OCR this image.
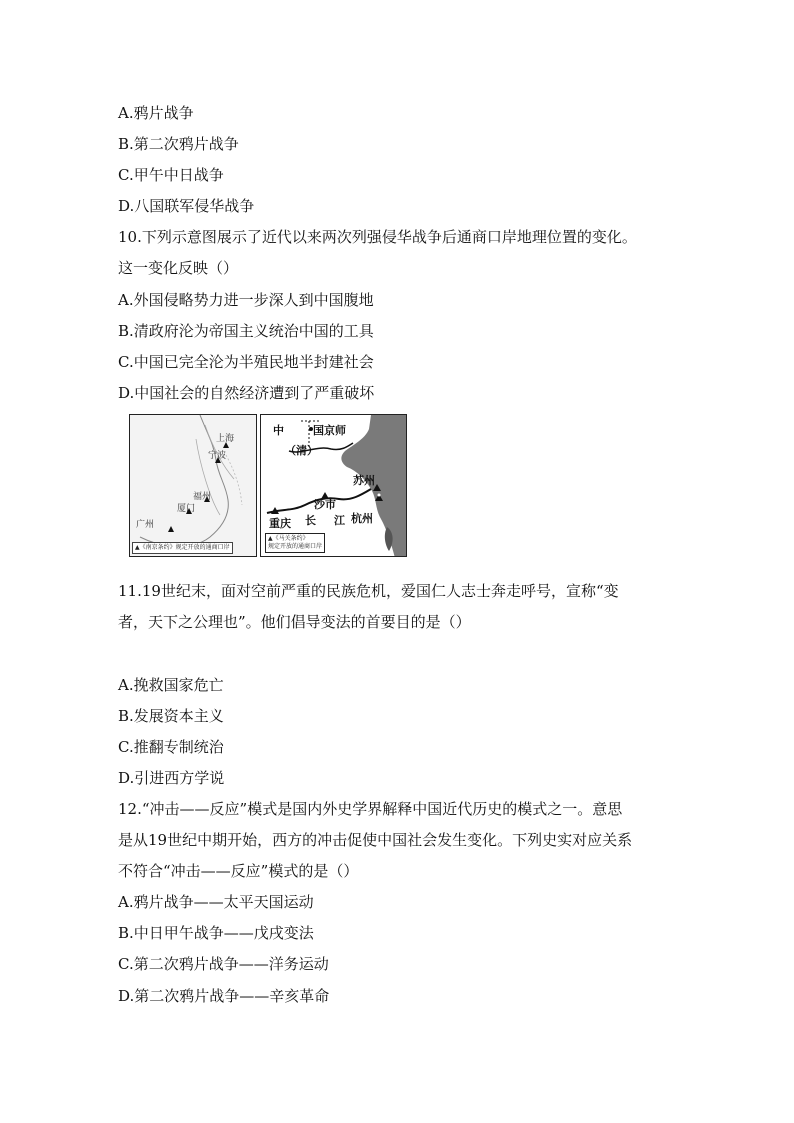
A.鸦片战争
B.第二次鸦片战争
C.甲午中日战争
D.八国联军侵华战争
10.下列示意图展示了近代以来两次列强侵华战争后通商口岸地理位置的变化。
这一变化反映（）
A.外国侵略势力进一步深人到中国腹地
B.清政府沦为帝国主义统治中国的工具
C.中国已完全沦为半殖民地半封建社会
D.中国社会的自然经济遭到了严重破坏
11.19世纪末，面对空前严重的民族危机，爱国仁人志士奔走呼号，宣称“变
者，天下之公理也”。他们倡导变法的首要目的是（）
A.挽救国家危亡
B.发展资本主义
C.推翻专制统治
D.引进西方学说
12.“冲击——反应”模式是国内外史学界解释中国近代历史的模式之一。意思
是从19世纪中期开始，西方的冲击促使中国社会发生变化。下列史实对应关系
不符合“冲击——反应”模式的是（）
A.鸦片战争——太平天国运动
B.中日甲午战争——戊戌变法
C.第二次鸦片战争——洋务运动
D.第二次鸦片战争——辛亥革命
上海
宁波
福州
厦门
广州
▲《南京条约》规定开放的通商口岸
中	国京师
（清）
沙市
苏州
重庆 长 江 杭州
▲《马关条约》
规定开放的通商口岸
